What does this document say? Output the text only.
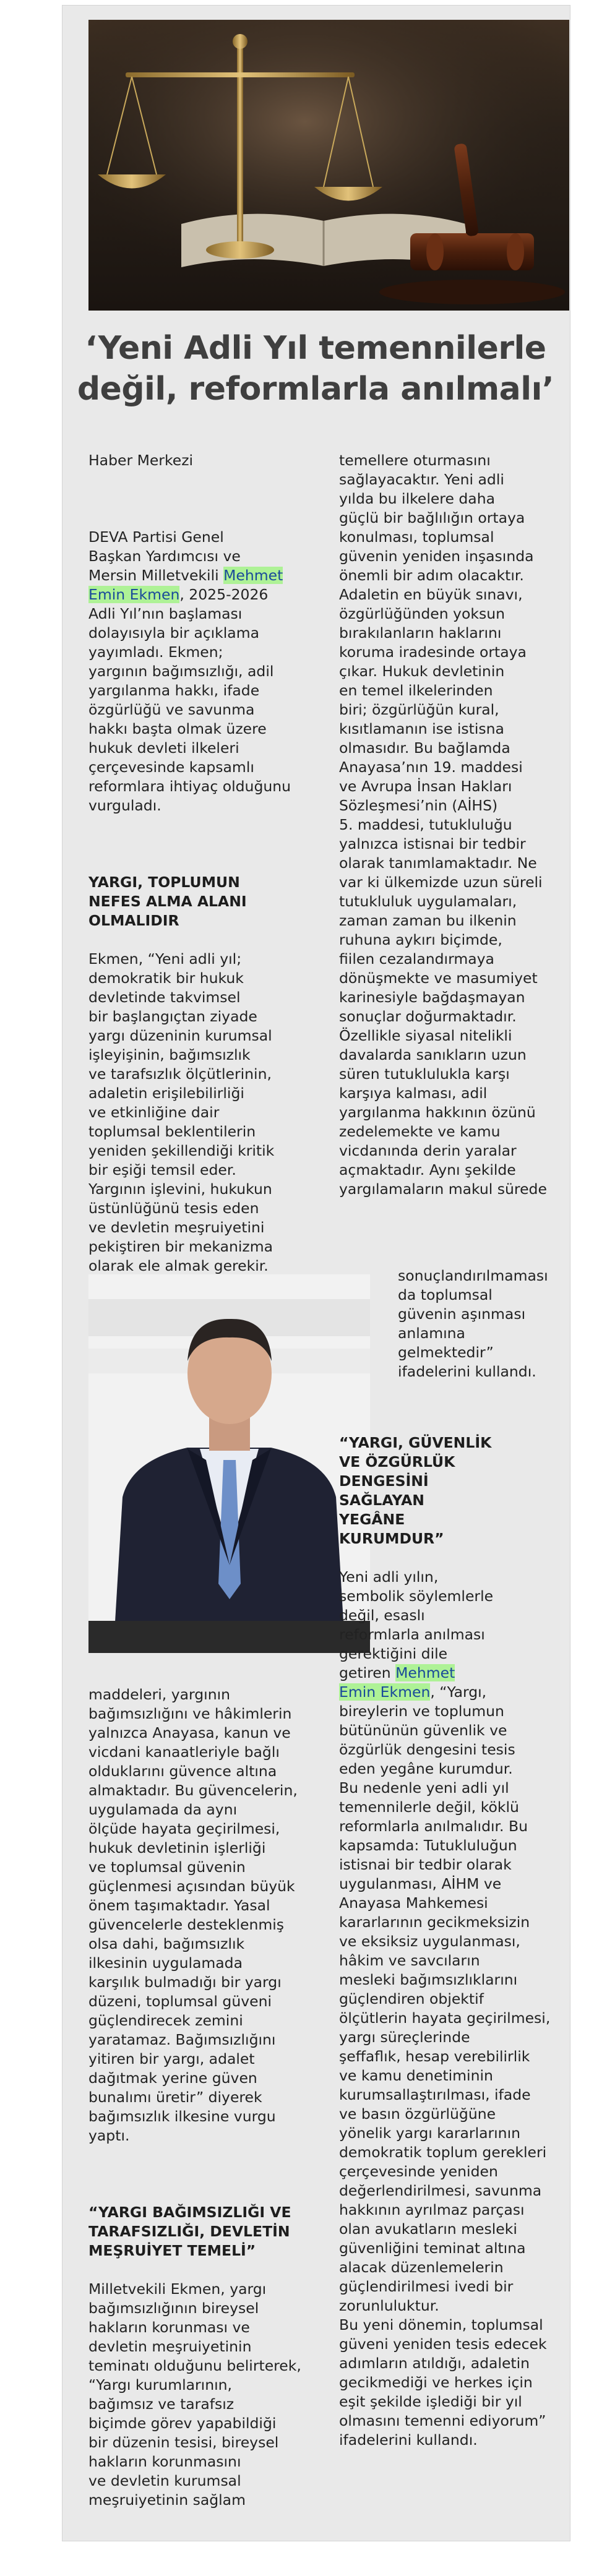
‘Yeni Adli Yıl temennilerle
değil, reformlarla anılmalı’

Haber Merkezi

DEVA Partisi Genel
Başkan Yardımcısı ve
Mersin Milletvekili Mehmet
Emin Ekmen, 2025-2026
Adli Yıl’nın başlaması
dolayısıyla bir açıklama
yayımladı. Ekmen;
yargının bağımsızlığı, adil
yargılanma hakkı, ifade
özgürlüğü ve savunma
hakkı başta olmak üzere
hukuk devleti ilkeleri
çerçevesinde kapsamlı
reformlara ihtiyaç olduğunu
vurguladı.

YARGI, TOPLUMUN
NEFES ALMA ALANI
OLMALIDIR

Ekmen, “Yeni adli yıl;
demokratik bir hukuk
devletinde takvimsel
bir başlangıçtan ziyade
yargı düzeninin kurumsal
işleyişinin, bağımsızlık
ve tarafsızlık ölçütlerinin,
adaletin erişilebilirliği
ve etkinliğine dair
toplumsal beklentilerin
yeniden şekillendiği kritik
bir eşiği temsil eder.
Yargının işlevini, hukukun
üstünlüğünü tesis eden
ve devletin meşruiyetini
pekiştiren bir mekanizma
olarak ele almak gerekir.

temellere oturmasını
sağlayacaktır. Yeni adli
yılda bu ilkelere daha
güçlü bir bağlılığın ortaya
konulması, toplumsal
güvenin yeniden inşasında
önemli bir adım olacaktır.
Adaletin en büyük sınavı,
özgürlüğünden yoksun
bırakılanların haklarını
koruma iradesinde ortaya
çıkar. Hukuk devletinin
en temel ilkelerinden
biri; özgürlüğün kural,
kısıtlamanın ise istisna
olmasıdır. Bu bağlamda
Anayasa’nın 19. maddesi
ve Avrupa İnsan Hakları
Sözleşmesi’nin (AİHS)
5. maddesi, tutukluluğu
yalnızca istisnai bir tedbir
olarak tanımlamaktadır. Ne
var ki ülkemizde uzun süreli
tutukluluk uygulamaları,
zaman zaman bu ilkenin
ruhuna aykırı biçimde,
fiilen cezalandırmaya
dönüşmekte ve masumiyet
karinesiyle bağdaşmayan
sonuçlar doğurmaktadır.
Özellikle siyasal nitelikli
davalarda sanıkların uzun
süren tutuklulukla karşı
karşıya kalması, adil
yargılanma hakkının özünü
zedelemekte ve kamu
vicdanında derin yaralar
açmaktadır. Aynı şekilde
yargılamaların makul sürede

sonuçlandırılmaması
da toplumsal
güvenin aşınması
anlamına
gelmektedir”
ifadelerini kullandı.

“YARGI, GÜVENLİK
VE ÖZGÜRLÜK
DENGESİNİ
SAĞLAYAN
YEGÂNE
KURUMDUR”

Yeni adli yılın,
sembolik söylemlerle
değil, esaslı
reformlarla anılması
gerektiğini dile
getiren Mehmet
Emin Ekmen, “Yargı,
bireylerin ve toplumun
bütününün güvenlik ve
özgürlük dengesini tesis
eden yegâne kurumdur.
Bu nedenle yeni adli yıl
temennilerle değil, köklü
reformlarla anılmalıdır. Bu
kapsamda: Tutukluluğun
istisnai bir tedbir olarak
uygulanması, AİHM ve
Anayasa Mahkemesi
kararlarının gecikmeksizin
ve eksiksiz uygulanması,
hâkim ve savcıların
mesleki bağımsızlıklarını
güçlendiren objektif
ölçütlerin hayata geçirilmesi,
yargı süreçlerinde
şeffaflık, hesap verebilirlik
ve kamu denetiminin
kurumsallaştırılması, ifade
ve basın özgürlüğüne
yönelik yargı kararlarının
demokratik toplum gerekleri
çerçevesinde yeniden
değerlendirilmesi, savunma
hakkının ayrılmaz parçası
olan avukatların mesleki
güvenliğini teminat altına
alacak düzenlemelerin
güçlendirilmesi ivedi bir
zorunluluktur.
Bu yeni dönemin, toplumsal
güveni yeniden tesis edecek
adımların atıldığı, adaletin
gecikmediği ve herkes için
eşit şekilde işlediği bir yıl
olmasını temenni ediyorum”
ifadelerini kullandı.

maddeleri, yargının
bağımsızlığını ve hâkimlerin
yalnızca Anayasa, kanun ve
vicdani kanaatleriyle bağlı
olduklarını güvence altına
almaktadır. Bu güvencelerin,
uygulamada da aynı
ölçüde hayata geçirilmesi,
hukuk devletinin işlerliği
ve toplumsal güvenin
güçlenmesi açısından büyük
önem taşımaktadır. Yasal
güvencelerle desteklenmiş
olsa dahi, bağımsızlık
ilkesinin uygulamada
karşılık bulmadığı bir yargı
düzeni, toplumsal güveni
güçlendirecek zemini
yaratamaz. Bağımsızlığını
yitiren bir yargı, adalet
dağıtmak yerine güven
bunalımı üretir” diyerek
bağımsızlık ilkesine vurgu
yaptı.

“YARGI BAĞIMSIZLIĞI VE
TARAFSIZLIĞI, DEVLETİN
MEŞRUİYET TEMELİ”

Milletvekili Ekmen, yargı
bağımsızlığının bireysel
hakların korunması ve
devletin meşruiyetinin
teminatı olduğunu belirterek,
“Yargı kurumlarının,
bağımsız ve tarafsız
biçimde görev yapabildiği
bir düzenin tesisi, bireysel
hakların korunmasını
ve devletin kurumsal
meşruiyetinin sağlam
